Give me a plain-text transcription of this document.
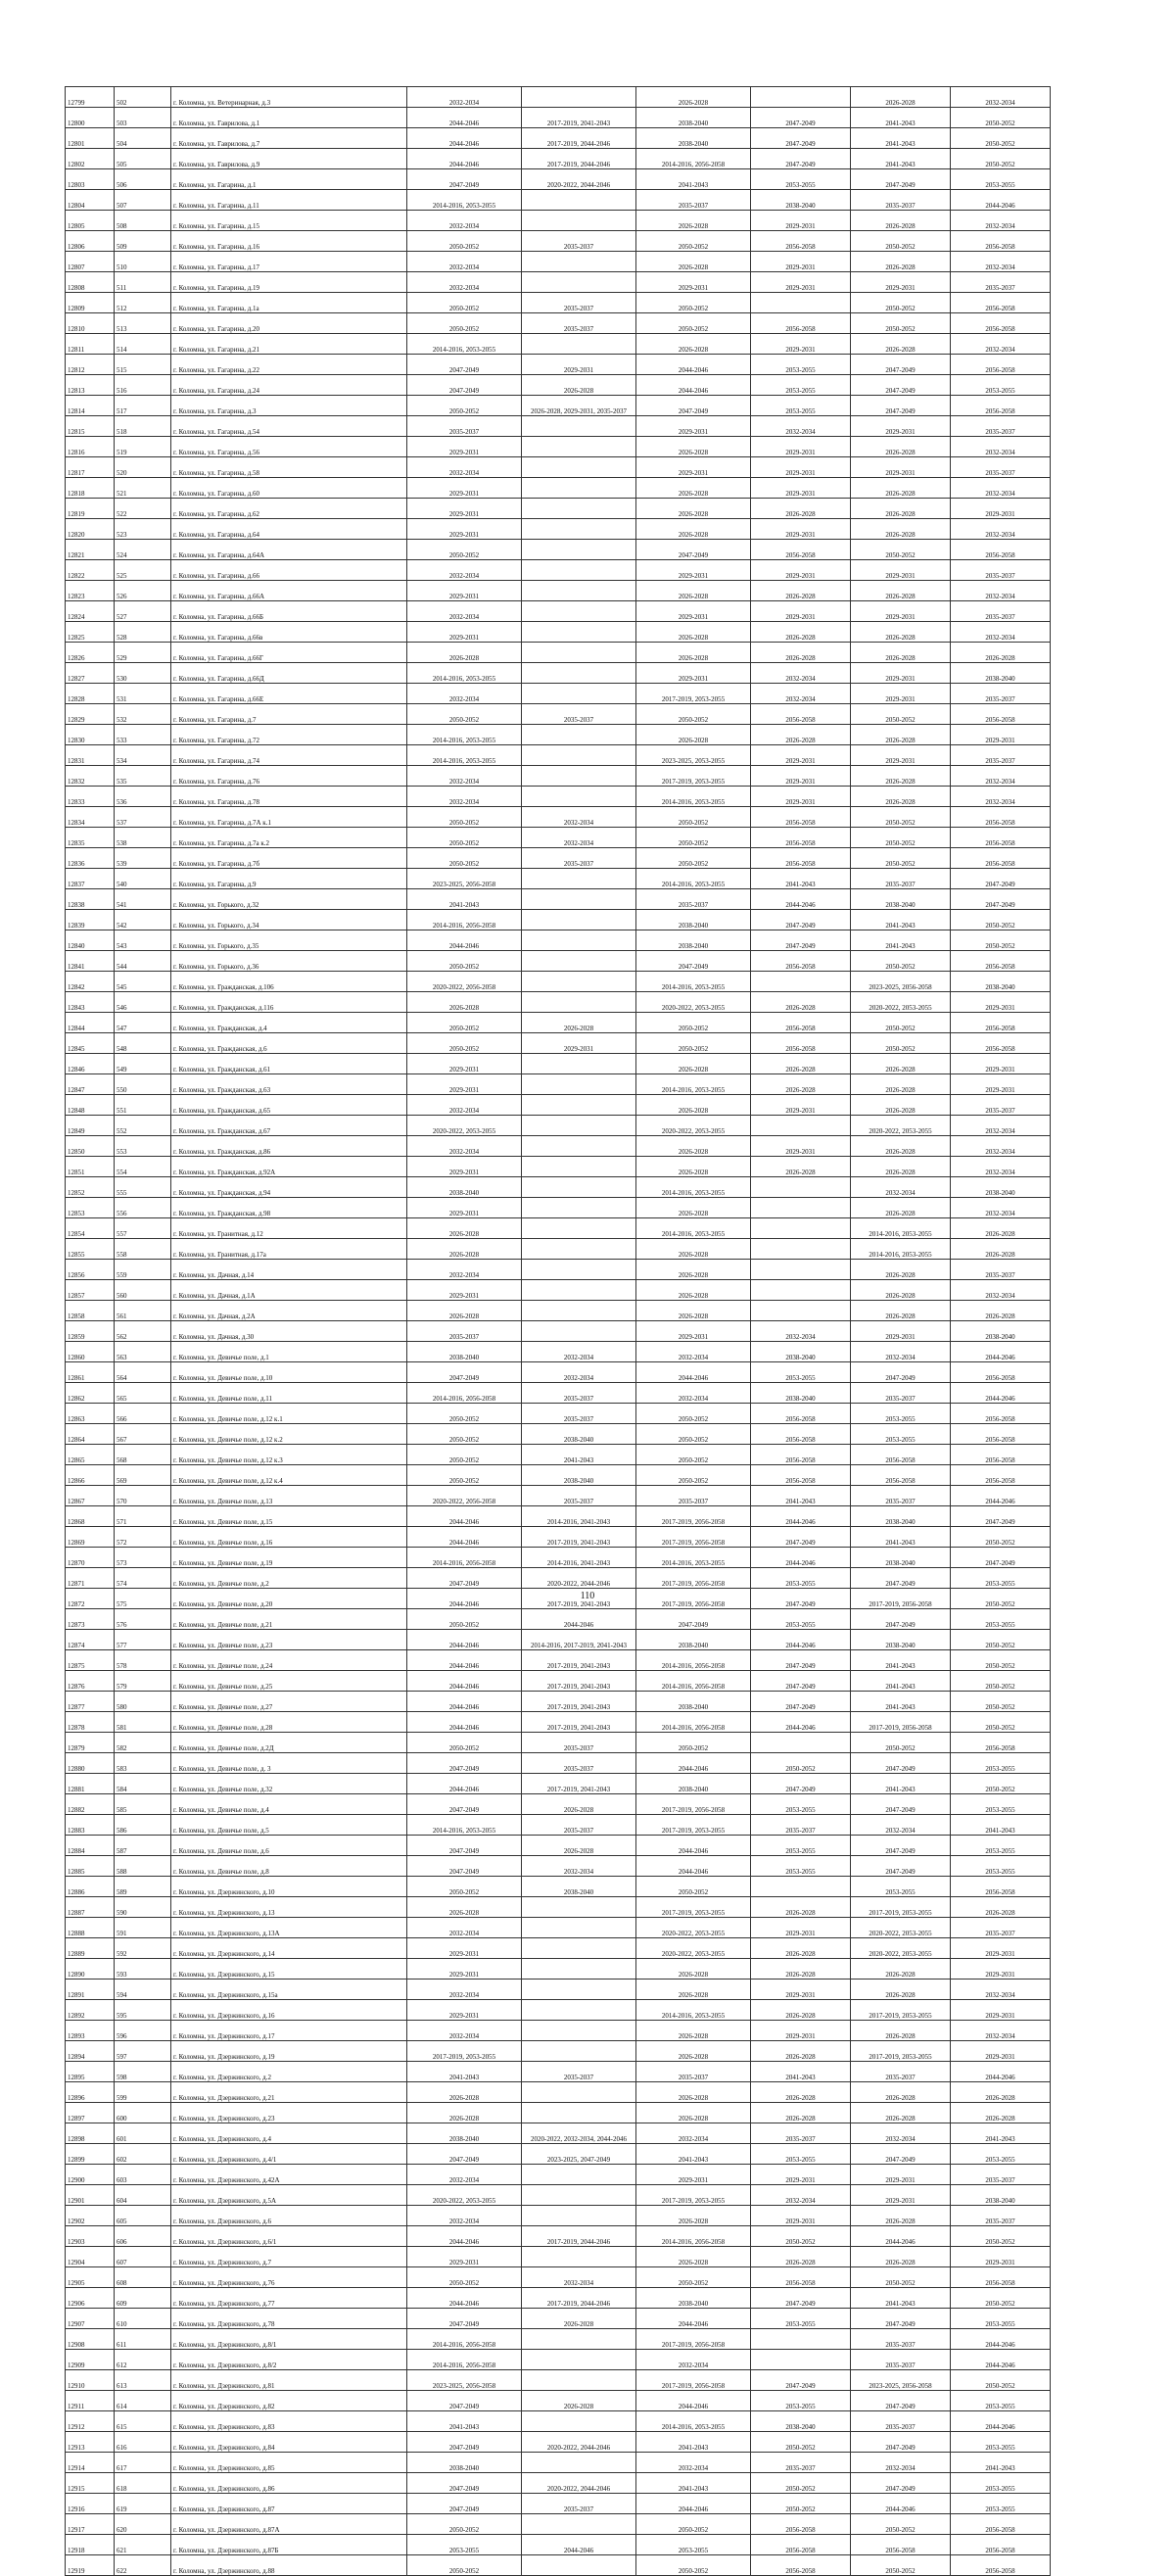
12799	502	г. Коломна, ул. Ветеринарная, д.3	2032-2034		2026-2028		2026-2028	2032-2034
12800	503	г. Коломна, ул. Гаврилова, д.1	2044-2046	2017-2019, 2041-2043	2038-2040	2047-2049	2041-2043	2050-2052
12801	504	г. Коломна, ул. Гаврилова, д.7	2044-2046	2017-2019, 2044-2046	2038-2040	2047-2049	2041-2043	2050-2052
12802	505	г. Коломна, ул. Гаврилова, д.9	2044-2046	2017-2019, 2044-2046	2014-2016, 2056-2058	2047-2049	2041-2043	2050-2052
12803	506	г. Коломна, ул. Гагарина, д.1	2047-2049	2020-2022, 2044-2046	2041-2043	2053-2055	2047-2049	2053-2055
12804	507	г. Коломна, ул. Гагарина, д.11	2014-2016, 2053-2055		2035-2037	2038-2040	2035-2037	2044-2046
12805	508	г. Коломна, ул. Гагарина, д.15	2032-2034		2026-2028	2029-2031	2026-2028	2032-2034
12806	509	г. Коломна, ул. Гагарина, д.16	2050-2052	2035-2037	2050-2052	2056-2058	2050-2052	2056-2058
12807	510	г. Коломна, ул. Гагарина, д.17	2032-2034		2026-2028	2029-2031	2026-2028	2032-2034
12808	511	г. Коломна, ул. Гагарина, д.19	2032-2034		2029-2031	2029-2031	2029-2031	2035-2037
12809	512	г. Коломна, ул. Гагарина, д.1а	2050-2052	2035-2037	2050-2052		2050-2052	2056-2058
12810	513	г. Коломна, ул. Гагарина, д.20	2050-2052	2035-2037	2050-2052	2056-2058	2050-2052	2056-2058
12811	514	г. Коломна, ул. Гагарина, д.21	2014-2016, 2053-2055		2026-2028	2029-2031	2026-2028	2032-2034
12812	515	г. Коломна, ул. Гагарина, д.22	2047-2049	2029-2031	2044-2046	2053-2055	2047-2049	2056-2058
12813	516	г. Коломна, ул. Гагарина, д.24	2047-2049	2026-2028	2044-2046	2053-2055	2047-2049	2053-2055
12814	517	г. Коломна, ул. Гагарина, д.3	2050-2052	2026-2028, 2029-2031, 2035-2037	2047-2049	2053-2055	2047-2049	2056-2058
12815	518	г. Коломна, ул. Гагарина, д.54	2035-2037		2029-2031	2032-2034	2029-2031	2035-2037
12816	519	г. Коломна, ул. Гагарина, д.56	2029-2031		2026-2028	2029-2031	2026-2028	2032-2034
12817	520	г. Коломна, ул. Гагарина, д.58	2032-2034		2029-2031	2029-2031	2029-2031	2035-2037
12818	521	г. Коломна, ул. Гагарина, д.60	2029-2031		2026-2028	2029-2031	2026-2028	2032-2034
12819	522	г. Коломна, ул. Гагарина, д.62	2029-2031		2026-2028	2026-2028	2026-2028	2029-2031
12820	523	г. Коломна, ул. Гагарина, д.64	2029-2031		2026-2028	2029-2031	2026-2028	2032-2034
12821	524	г. Коломна, ул. Гагарина, д.64А	2050-2052		2047-2049	2056-2058	2050-2052	2056-2058
12822	525	г. Коломна, ул. Гагарина, д.66	2032-2034		2029-2031	2029-2031	2029-2031	2035-2037
12823	526	г. Коломна, ул. Гагарина, д.66А	2029-2031		2026-2028	2026-2028	2026-2028	2032-2034
12824	527	г. Коломна, ул. Гагарина, д.66Б	2032-2034		2029-2031	2029-2031	2029-2031	2035-2037
12825	528	г. Коломна, ул. Гагарина, д.66в	2029-2031		2026-2028	2026-2028	2026-2028	2032-2034
12826	529	г. Коломна, ул. Гагарина, д.66Г	2026-2028		2026-2028	2026-2028	2026-2028	2026-2028
12827	530	г. Коломна, ул. Гагарина, д.66Д	2014-2016, 2053-2055		2029-2031	2032-2034	2029-2031	2038-2040
12828	531	г. Коломна, ул. Гагарина, д.66Е	2032-2034		2017-2019, 2053-2055	2032-2034	2029-2031	2035-2037
12829	532	г. Коломна, ул. Гагарина, д.7	2050-2052	2035-2037	2050-2052	2056-2058	2050-2052	2056-2058
12830	533	г. Коломна, ул. Гагарина, д.72	2014-2016, 2053-2055		2026-2028	2026-2028	2026-2028	2029-2031
12831	534	г. Коломна, ул. Гагарина, д.74	2014-2016, 2053-2055		2023-2025, 2053-2055	2029-2031	2029-2031	2035-2037
12832	535	г. Коломна, ул. Гагарина, д.76	2032-2034		2017-2019, 2053-2055	2029-2031	2026-2028	2032-2034
12833	536	г. Коломна, ул. Гагарина, д.78	2032-2034		2014-2016, 2053-2055	2029-2031	2026-2028	2032-2034
12834	537	г. Коломна, ул. Гагарина, д.7А к.1	2050-2052	2032-2034	2050-2052	2056-2058	2050-2052	2056-2058
12835	538	г. Коломна, ул. Гагарина, д.7а к.2	2050-2052	2032-2034	2050-2052	2056-2058	2050-2052	2056-2058
12836	539	г. Коломна, ул. Гагарина, д.7б	2050-2052	2035-2037	2050-2052	2056-2058	2050-2052	2056-2058
12837	540	г. Коломна, ул. Гагарина, д.9	2023-2025, 2056-2058		2014-2016, 2053-2055	2041-2043	2035-2037	2047-2049
12838	541	г. Коломна, ул. Горького, д.32	2041-2043		2035-2037	2044-2046	2038-2040	2047-2049
12839	542	г. Коломна, ул. Горького, д.34	2014-2016, 2056-2058		2038-2040	2047-2049	2041-2043	2050-2052
12840	543	г. Коломна, ул. Горького, д.35	2044-2046		2038-2040	2047-2049	2041-2043	2050-2052
12841	544	г. Коломна, ул. Горького, д.36	2050-2052		2047-2049	2056-2058	2050-2052	2056-2058
12842	545	г. Коломна, ул. Гражданская, д.106	2020-2022, 2056-2058		2014-2016, 2053-2055		2023-2025, 2056-2058	2038-2040
12843	546	г. Коломна, ул. Гражданская, д.116	2026-2028		2020-2022, 2053-2055	2026-2028	2020-2022, 2053-2055	2029-2031
12844	547	г. Коломна, ул. Гражданская, д.4	2050-2052	2026-2028	2050-2052	2056-2058	2050-2052	2056-2058
12845	548	г. Коломна, ул. Гражданская, д.6	2050-2052	2029-2031	2050-2052	2056-2058	2050-2052	2056-2058
12846	549	г. Коломна, ул. Гражданская, д.61	2029-2031		2026-2028	2026-2028	2026-2028	2029-2031
12847	550	г. Коломна, ул. Гражданская, д.63	2029-2031		2014-2016, 2053-2055	2026-2028	2026-2028	2029-2031
12848	551	г. Коломна, ул. Гражданская, д.65	2032-2034		2026-2028	2029-2031	2026-2028	2035-2037
12849	552	г. Коломна, ул. Гражданская, д.67	2020-2022, 2053-2055		2020-2022, 2053-2055		2020-2022, 2053-2055	2032-2034
12850	553	г. Коломна, ул. Гражданская, д.86	2032-2034		2026-2028	2029-2031	2026-2028	2032-2034
12851	554	г. Коломна, ул. Гражданская, д.92А	2029-2031		2026-2028	2026-2028	2026-2028	2032-2034
12852	555	г. Коломна, ул. Гражданская, д.94	2038-2040		2014-2016, 2053-2055		2032-2034	2038-2040
12853	556	г. Коломна, ул. Гражданская, д.98	2029-2031		2026-2028		2026-2028	2032-2034
12854	557	г. Коломна, ул. Гранитная, д.12	2026-2028		2014-2016, 2053-2055		2014-2016, 2053-2055	2026-2028
12855	558	г. Коломна, ул. Гранитная, д.17а	2026-2028		2026-2028		2014-2016, 2053-2055	2026-2028
12856	559	г. Коломна, ул. Дачная, д.14	2032-2034		2026-2028		2026-2028	2035-2037
12857	560	г. Коломна, ул. Дачная, д.1А	2029-2031		2026-2028		2026-2028	2032-2034
12858	561	г. Коломна, ул. Дачная, д.2А	2026-2028		2026-2028		2026-2028	2026-2028
12859	562	г. Коломна, ул. Дачная, д.30	2035-2037		2029-2031	2032-2034	2029-2031	2038-2040
12860	563	г. Коломна, ул. Девичье поле, д.1	2038-2040	2032-2034	2032-2034	2038-2040	2032-2034	2044-2046
12861	564	г. Коломна, ул. Девичье поле, д.10	2047-2049	2032-2034	2044-2046	2053-2055	2047-2049	2056-2058
12862	565	г. Коломна, ул. Девичье поле, д.11	2014-2016, 2056-2058	2035-2037	2032-2034	2038-2040	2035-2037	2044-2046
12863	566	г. Коломна, ул. Девичье поле, д.12 к.1	2050-2052	2035-2037	2050-2052	2056-2058	2053-2055	2056-2058
12864	567	г. Коломна, ул. Девичье поле, д.12 к.2	2050-2052	2038-2040	2050-2052	2056-2058	2053-2055	2056-2058
12865	568	г. Коломна, ул. Девичье поле, д.12 к.3	2050-2052	2041-2043	2050-2052	2056-2058	2056-2058	2056-2058
12866	569	г. Коломна, ул. Девичье поле, д.12 к.4	2050-2052	2038-2040	2050-2052	2056-2058	2056-2058	2056-2058
12867	570	г. Коломна, ул. Девичье поле, д.13	2020-2022, 2056-2058	2035-2037	2035-2037	2041-2043	2035-2037	2044-2046
12868	571	г. Коломна, ул. Девичье поле, д.15	2044-2046	2014-2016, 2041-2043	2017-2019, 2056-2058	2044-2046	2038-2040	2047-2049
12869	572	г. Коломна, ул. Девичье поле, д.16	2044-2046	2017-2019, 2041-2043	2017-2019, 2056-2058	2047-2049	2041-2043	2050-2052
12870	573	г. Коломна, ул. Девичье поле, д.19	2014-2016, 2056-2058	2014-2016, 2041-2043	2014-2016, 2053-2055	2044-2046	2038-2040	2047-2049
12871	574	г. Коломна, ул. Девичье поле, д.2	2047-2049	2020-2022, 2044-2046	2017-2019, 2056-2058	2053-2055	2047-2049	2053-2055
12872	575	г. Коломна, ул. Девичье поле, д.20	2044-2046	2017-2019, 2041-2043	2017-2019, 2056-2058	2047-2049	2017-2019, 2056-2058	2050-2052
12873	576	г. Коломна, ул. Девичье поле, д.21	2050-2052	2044-2046	2047-2049	2053-2055	2047-2049	2053-2055
12874	577	г. Коломна, ул. Девичье поле, д.23	2044-2046	2014-2016, 2017-2019, 2041-2043	2038-2040	2044-2046	2038-2040	2050-2052
12875	578	г. Коломна, ул. Девичье поле, д.24	2044-2046	2017-2019, 2041-2043	2014-2016, 2056-2058	2047-2049	2041-2043	2050-2052
12876	579	г. Коломна, ул. Девичье поле, д.25	2044-2046	2017-2019, 2041-2043	2014-2016, 2056-2058	2047-2049	2041-2043	2050-2052
12877	580	г. Коломна, ул. Девичье поле, д.27	2044-2046	2017-2019, 2041-2043	2038-2040	2047-2049	2041-2043	2050-2052
12878	581	г. Коломна, ул. Девичье поле, д.28	2044-2046	2017-2019, 2041-2043	2014-2016, 2056-2058	2044-2046	2017-2019, 2056-2058	2050-2052
12879	582	г. Коломна, ул. Девичье поле, д.2Д	2050-2052	2035-2037	2050-2052		2050-2052	2056-2058
12880	583	г. Коломна, ул. Девичье поле, д. 3	2047-2049	2035-2037	2044-2046	2050-2052	2047-2049	2053-2055
12881	584	г. Коломна, ул. Девичье поле, д.32	2044-2046	2017-2019, 2041-2043	2038-2040	2047-2049	2041-2043	2050-2052
12882	585	г. Коломна, ул. Девичье поле, д.4	2047-2049	2026-2028	2017-2019, 2056-2058	2053-2055	2047-2049	2053-2055
12883	586	г. Коломна, ул. Девичье поле, д.5	2014-2016, 2053-2055	2035-2037	2017-2019, 2053-2055	2035-2037	2032-2034	2041-2043
12884	587	г. Коломна, ул. Девичье поле, д.6	2047-2049	2026-2028	2044-2046	2053-2055	2047-2049	2053-2055
12885	588	г. Коломна, ул. Девичье поле, д.8	2047-2049	2032-2034	2044-2046	2053-2055	2047-2049	2053-2055
12886	589	г. Коломна, ул. Дзержинского, д.10	2050-2052	2038-2040	2050-2052		2053-2055	2056-2058
12887	590	г. Коломна, ул. Дзержинского, д.13	2026-2028		2017-2019, 2053-2055	2026-2028	2017-2019, 2053-2055	2026-2028
12888	591	г. Коломна, ул. Дзержинского, д.13А	2032-2034		2020-2022, 2053-2055	2029-2031	2020-2022, 2053-2055	2035-2037
12889	592	г. Коломна, ул. Дзержинского, д.14	2029-2031		2020-2022, 2053-2055	2026-2028	2020-2022, 2053-2055	2029-2031
12890	593	г. Коломна, ул. Дзержинского, д.15	2029-2031		2026-2028	2026-2028	2026-2028	2029-2031
12891	594	г. Коломна, ул. Дзержинского, д.15а	2032-2034		2026-2028	2029-2031	2026-2028	2032-2034
12892	595	г. Коломна, ул. Дзержинского, д.16	2029-2031		2014-2016, 2053-2055	2026-2028	2017-2019, 2053-2055	2029-2031
12893	596	г. Коломна, ул. Дзержинского, д.17	2032-2034		2026-2028	2029-2031	2026-2028	2032-2034
12894	597	г. Коломна, ул. Дзержинского, д.19	2017-2019, 2053-2055		2026-2028	2026-2028	2017-2019, 2053-2055	2029-2031
12895	598	г. Коломна, ул. Дзержинского, д.2	2041-2043	2035-2037	2035-2037	2041-2043	2035-2037	2044-2046
12896	599	г. Коломна, ул. Дзержинского, д.21	2026-2028		2026-2028	2026-2028	2026-2028	2026-2028
12897	600	г. Коломна, ул. Дзержинского, д.23	2026-2028		2026-2028	2026-2028	2026-2028	2026-2028
12898	601	г. Коломна, ул. Дзержинского, д.4	2038-2040	2020-2022, 2032-2034, 2044-2046	2032-2034	2035-2037	2032-2034	2041-2043
12899	602	г. Коломна, ул. Дзержинского, д.4/1	2047-2049	2023-2025, 2047-2049	2041-2043	2053-2055	2047-2049	2053-2055
12900	603	г. Коломна, ул. Дзержинского, д.42А	2032-2034		2029-2031	2029-2031	2029-2031	2035-2037
12901	604	г. Коломна, ул. Дзержинского, д.5А	2020-2022, 2053-2055		2017-2019, 2053-2055	2032-2034	2029-2031	2038-2040
12902	605	г. Коломна, ул. Дзержинского, д.6	2032-2034		2026-2028	2029-2031	2026-2028	2035-2037
12903	606	г. Коломна, ул. Дзержинского, д.6/1	2044-2046	2017-2019, 2044-2046	2014-2016, 2056-2058	2050-2052	2044-2046	2050-2052
12904	607	г. Коломна, ул. Дзержинского, д.7	2029-2031		2026-2028	2026-2028	2026-2028	2029-2031
12905	608	г. Коломна, ул. Дзержинского, д.76	2050-2052	2032-2034	2050-2052	2056-2058	2050-2052	2056-2058
12906	609	г. Коломна, ул. Дзержинского, д.77	2044-2046	2017-2019, 2044-2046	2038-2040	2047-2049	2041-2043	2050-2052
12907	610	г. Коломна, ул. Дзержинского, д.78	2047-2049	2026-2028	2044-2046	2053-2055	2047-2049	2053-2055
12908	611	г. Коломна, ул. Дзержинского, д.8/1	2014-2016, 2056-2058		2017-2019, 2056-2058		2035-2037	2044-2046
12909	612	г. Коломна, ул. Дзержинского, д.8/2	2014-2016, 2056-2058		2032-2034		2035-2037	2044-2046
12910	613	г. Коломна, ул. Дзержинского, д.81	2023-2025, 2056-2058		2017-2019, 2056-2058	2047-2049	2023-2025, 2056-2058	2050-2052
12911	614	г. Коломна, ул. Дзержинского, д.82	2047-2049	2026-2028	2044-2046	2053-2055	2047-2049	2053-2055
12912	615	г. Коломна, ул. Дзержинского, д.83	2041-2043		2014-2016, 2053-2055	2038-2040	2035-2037	2044-2046
12913	616	г. Коломна, ул. Дзержинского, д.84	2047-2049	2020-2022, 2044-2046	2041-2043	2050-2052	2047-2049	2053-2055
12914	617	г. Коломна, ул. Дзержинского, д.85	2038-2040		2032-2034	2035-2037	2032-2034	2041-2043
12915	618	г. Коломна, ул. Дзержинского, д.86	2047-2049	2020-2022, 2044-2046	2041-2043	2050-2052	2047-2049	2053-2055
12916	619	г. Коломна, ул. Дзержинского, д.87	2047-2049	2035-2037	2044-2046	2050-2052	2044-2046	2053-2055
12917	620	г. Коломна, ул. Дзержинского, д.87А	2050-2052		2050-2052	2056-2058	2050-2052	2056-2058
12918	621	г. Коломна, ул. Дзержинского, д.87Б	2053-2055	2044-2046	2053-2055	2056-2058	2056-2058	2056-2058
12919	622	г. Коломна, ул. Дзержинского, д.88	2050-2052		2050-2052	2056-2058	2050-2052	2056-2058
110
